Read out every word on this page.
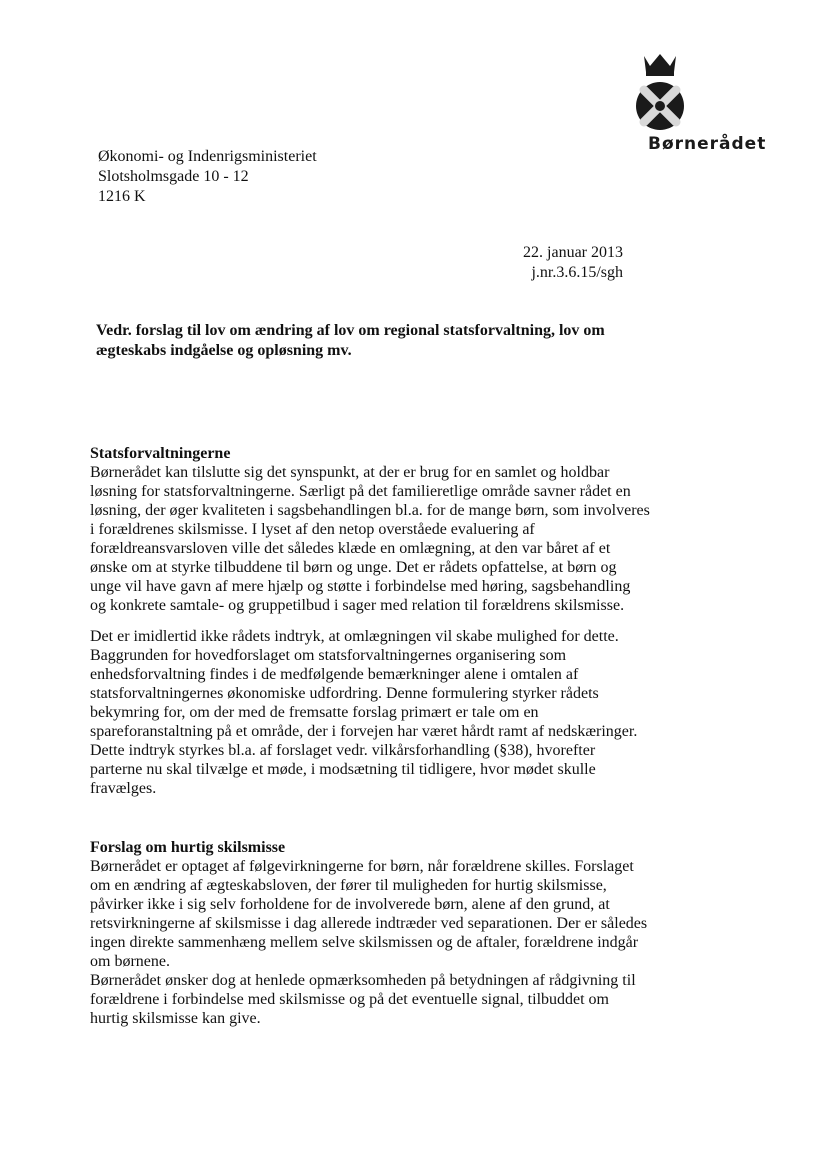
Børnerådet
Økonomi- og Indenrigsministeriet
Slotsholmsgade 10 - 12
1216 K
22. januar 2013
j.nr.3.6.15/sgh

Vedr. forslag til lov om ændring af lov om regional statsforvaltning, lov om ægteskabs indgåelse og opløsning mv.

Statsforvaltningerne

Børnerådet kan tilslutte sig det synspunkt, at der er brug for en samlet og holdbar løsning for statsforvaltningerne. Særligt på det familieretlige område savner rådet en løsning, der øger kvaliteten i sagsbehandlingen bl.a. for de mange børn, som involveres i forældrenes skilsmisse. I lyset af den netop overståede evaluering af forældreansvarsloven ville det således klæde en omlægning, at den var båret af et ønske om at styrke tilbuddene til børn og unge. Det er rådets opfattelse, at børn og unge vil have gavn af mere hjælp og støtte i forbindelse med høring, sagsbehandling og konkrete samtale- og gruppetilbud i sager med relation til forældrens skilsmisse.

Det er imidlertid ikke rådets indtryk, at omlægningen vil skabe mulighed for dette. Baggrunden for hovedforslaget om statsforvaltningernes organisering som enhedsforvaltning findes i de medfølgende bemærkninger alene i omtalen af statsforvaltningernes økonomiske udfordring. Denne formulering styrker rådets bekymring for, om der med de fremsatte forslag primært er tale om en spareforanstaltning på et område, der i forvejen har været hårdt ramt af nedskæringer.

Dette indtryk styrkes bl.a. af forslaget vedr. vilkårsforhandling (§38), hvorefter parterne nu skal tilvælge et møde, i modsætning til tidligere, hvor mødet skulle fravælges.

Forslag om hurtig skilsmisse

Børnerådet er optaget af følgevirkningerne for børn, når forældrene skilles. Forslaget om en ændring af ægteskabsloven, der fører til muligheden for hurtig skilsmisse, påvirker ikke i sig selv forholdene for de involverede børn, alene af den grund, at retsvirkningerne af skilsmisse i dag allerede indtræder ved separationen. Der er således ingen direkte sammenhæng mellem selve skilsmissen og de aftaler, forældrene indgår om børnene.

Børnerådet ønsker dog at henlede opmærksomheden på betydningen af rådgivning til forældrene i forbindelse med skilsmisse og på det eventuelle signal, tilbuddet om hurtig skilsmisse kan give.
